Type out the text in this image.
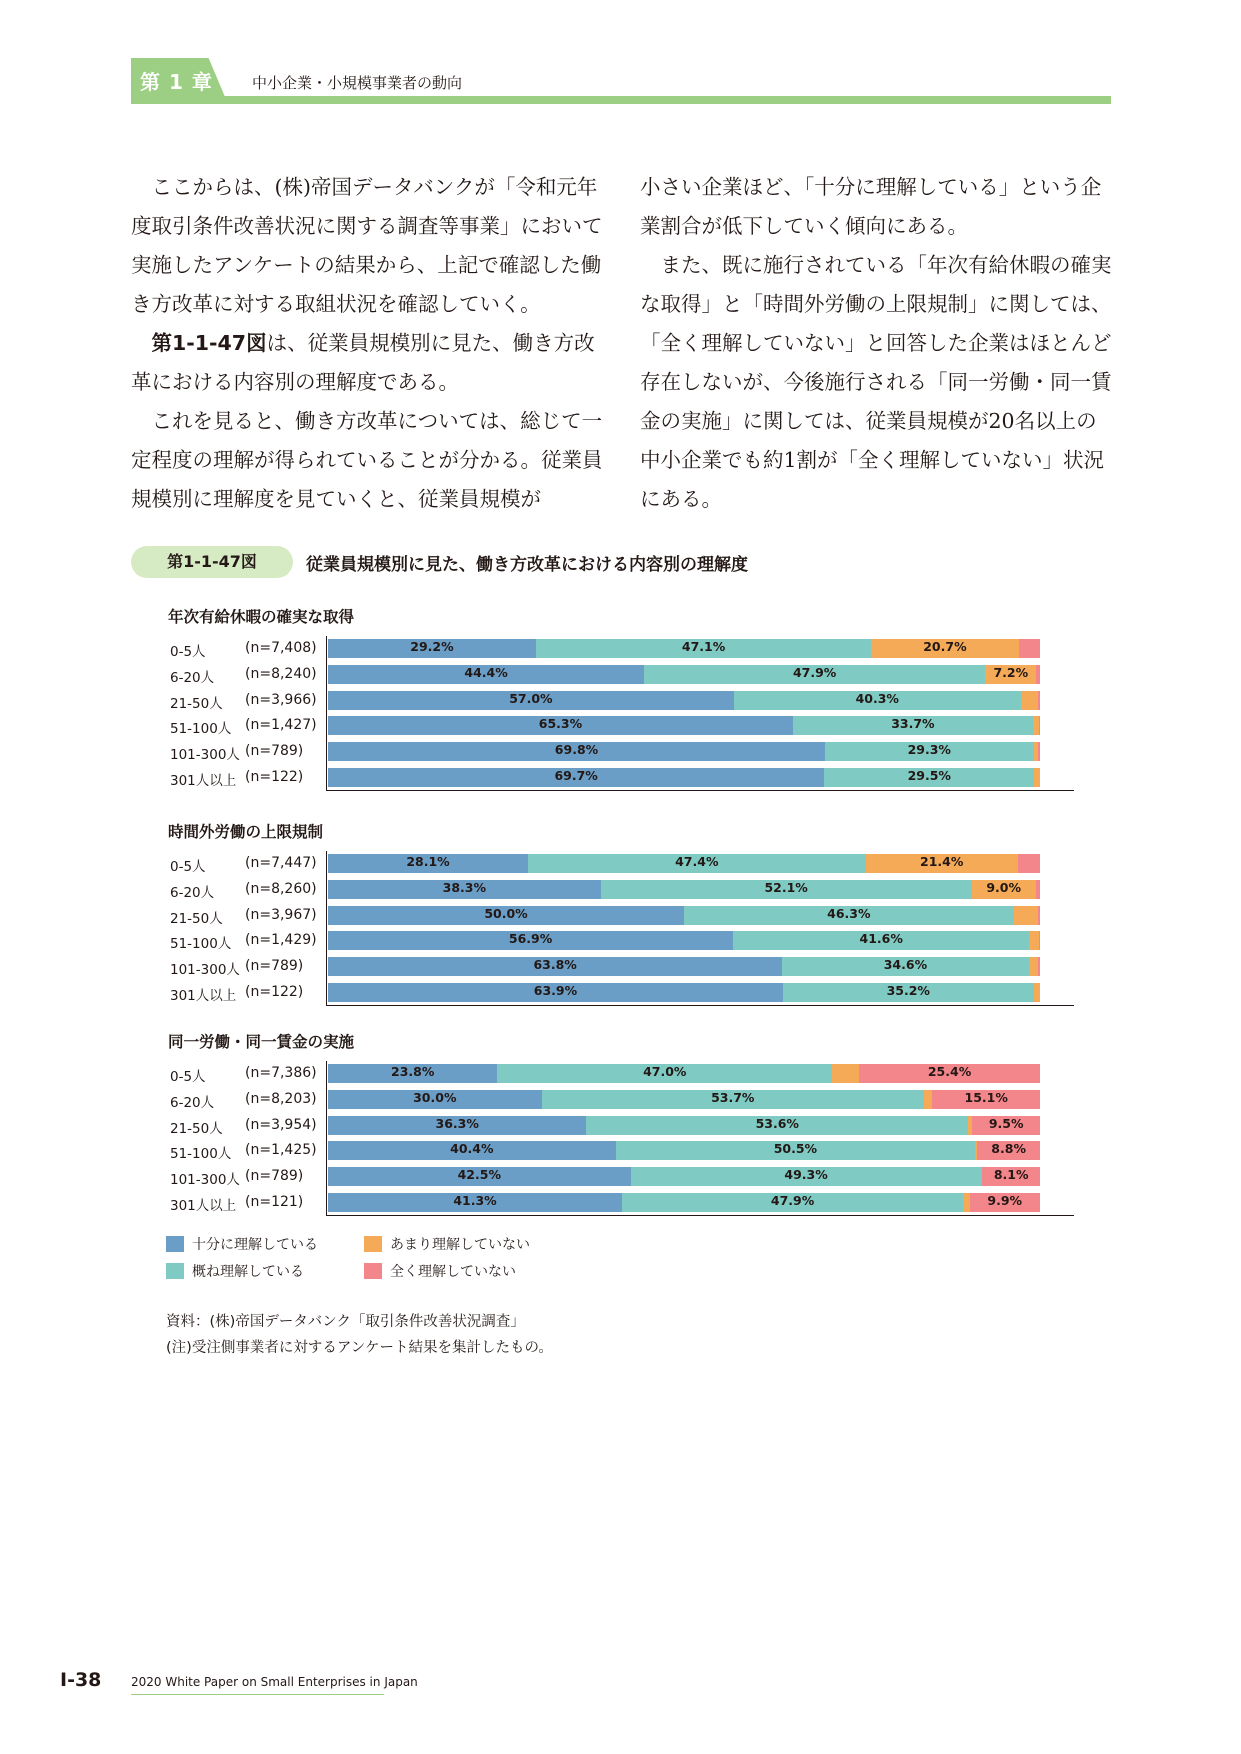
第 1 章	中小企業・小規模事業者の動向

ここからは、(株)帝国データバンクが「令和元年度取引条件改善状況に関する調査等事業」において実施したアンケートの結果から、上記で確認した働き方改革に対する取組状況を確認していく。

第1-1-47図は、従業員規模別に見た、働き方改革における内容別の理解度である。

これを見ると、働き方改革については、総じて一定程度の理解が得られていることが分かる。従業員規模別に理解度を見ていくと、従業員規模が

小さい企業ほど、「十分に理解している」という企業割合が低下していく傾向にある。

また、既に施行されている「年次有給休暇の確実な取得」と「時間外労働の上限規制」に関しては、「全く理解していない」と回答した企業はほとんど存在しないが、今後施行される「同一労働・同一賃金の実施」に関しては、従業員規模が20名以上の中小企業でも約1割が「全く理解していない」状況にある。

第1-1-47図	従業員規模別に見た、働き方改革における内容別の理解度
年次有給休暇の確実な取得
0-5人	(n=7,408)	29.2%	47.1%	20.7%
6-20人 (n=8,240)	44.4%	47.9%	7.2%
21-50人 (n=3,966)	57.0%	40.3%
51-100人 (n=1,427)	65.3%	33.7%
101-300人 (n=789)	69.8%	29.3%
301人以上 (n=122)	69.7%	29.5%
時間外労働の上限規制
0-5人	(n=7,447)	28.1%	47.4%	21.4%
6-20人 (n=8,260)	38.3%	52.1%	9.0%
21-50人 (n=3,967)	50.0%	46.3%
51-100人 (n=1,429)	56.9%	41.6%
101-300人 (n=789)	63.8%	34.6%
301人以上 (n=122)	63.9%	35.2%
同一労働・同一賃金の実施
0-5人	(n=7,386)	23.8%	47.0%	25.4%
6-20人 (n=8,203)	30.0%	53.7%	15.1%
21-50人 (n=3,954)	36.3%	53.6%	9.5%
51-100人 (n=1,425)	40.4%	50.5%	8.8%
101-300人 (n=789)	42.5%	49.3%	8.1%
301人以上 (n=121)	41.3%	47.9%	9.9%
十分に理解している	あまり理解していない
概ね理解している	全く理解していない
資料：(株)帝国データバンク「取引条件改善状況調査」
(注)受注側事業者に対するアンケート結果を集計したもの。
I-38 2020 White Paper on Small Enterprises in Japan
